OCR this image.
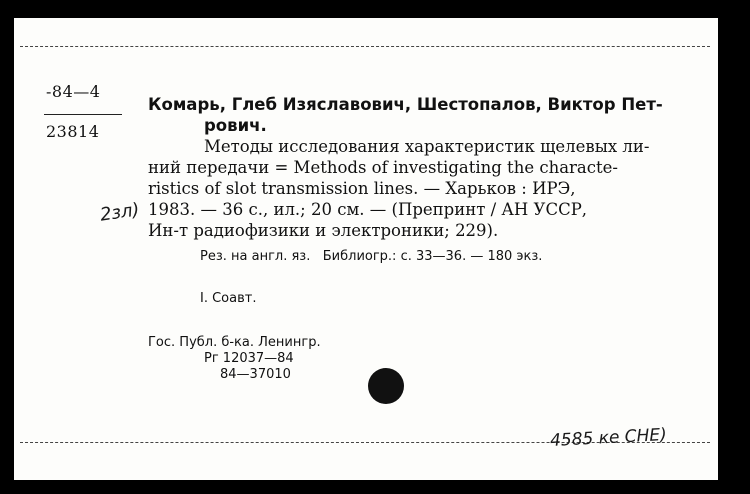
-84—4
23814
Комарь, Глеб Изяславович, Шестопалов, Виктор Пет-
рович.
Методы исследования характеристик щелевых ли-
ний передачи = Methods of investigating the characte-
ristics of slot transmission lines. — Харьков : ИРЭ,
1983. — 36 с., ил.; 20 см. — (Препринт / АН УССР,
Ин-т радиофизики и электроники; 229).
Рез. на англ. яз.   Библиогр.: с. 33—36. — 180 экз.
I. Соавт.
Гос. Публ. б-ка. Ленингр.
Рг 12037—84
84—37010
2зл)
4585 ке СНЕ)
